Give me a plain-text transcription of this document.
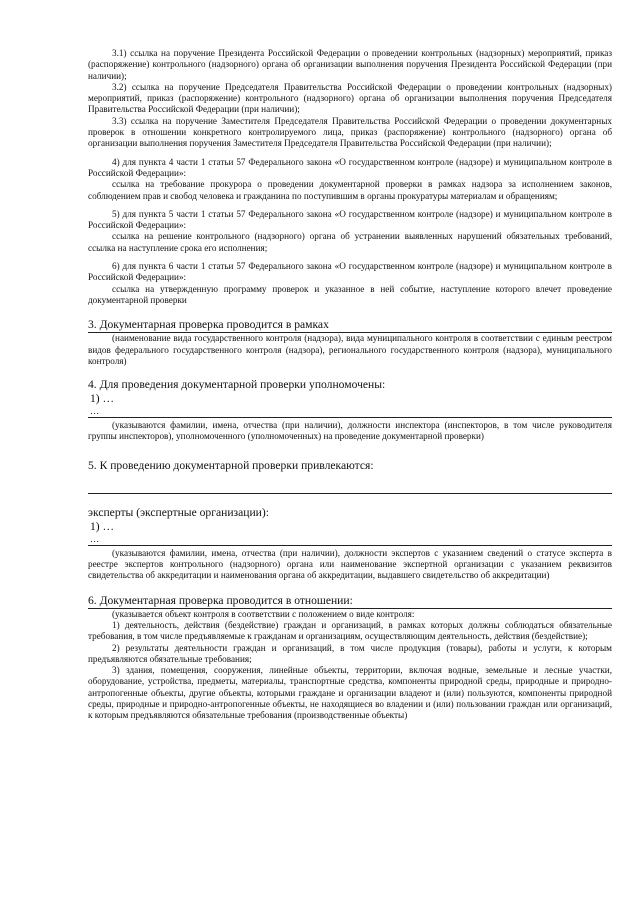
3.1) ссылка на поручение Президента Российской Федерации о проведении контрольных (надзорных) мероприятий, приказ (распоряжение) контрольного (надзорного) органа об организации выполнения поручения Президента Российской Федерации (при наличии);

3.2) ссылка на поручение Председателя Правительства Российской Федерации о проведении контрольных (надзорных) мероприятий, приказ (распоряжение) контрольного (надзорного) органа об организации выполнения поручения Председателя Правительства Российской Федерации (при наличии);

3.3) ссылка на поручение Заместителя Председателя Правительства Российской Федерации о проведении документарных проверок в отношении конкретного контролируемого лица, приказ (распоряжение) контрольного (надзорного) органа об организации выполнения поручения Заместителя Председателя Правительства Российской Федерации (при наличии);

4) для пункта 4 части 1 статьи 57 Федерального закона «О государственном контроле (надзоре) и муниципальном контроле в Российской Федерации»:

ссылка на требование прокурора о проведении документарной проверки в рамках надзора за исполнением законов, соблюдением прав и свобод человека и гражданина по поступившим в органы прокуратуры материалам и обращениям;

5) для пункта 5 части 1 статьи 57 Федерального закона «О государственном контроле (надзоре) и муниципальном контроле в Российской Федерации»:

ссылка на решение контрольного (надзорного) органа об устранении выявленных нарушений обязательных требований, ссылка на наступление срока его исполнения;

6) для пункта 6 части 1 статьи 57 Федерального закона «О государственном контроле (надзоре) и муниципальном контроле в Российской Федерации»:

ссылка на утвержденную программу проверок и указанное в ней событие, наступление которого влечет проведение документарной проверки

3. Документарная проверка проводится в рамках

(наименование вида государственного контроля (надзора), вида муниципального контроля в соответствии с единым реестром видов федерального государственного контроля (надзора), регионального государственного контроля (надзора), муниципального контроля)

4. Для проведения документарной проверки уполномочены:

1) …

…

(указываются фамилии, имена, отчества (при наличии), должности инспектора (инспекторов, в том числе руководителя группы инспекторов), уполномоченного (уполномоченных) на проведение документарной проверки)

5. К проведению документарной проверки привлекаются:

эксперты (экспертные организации):

1) …

…

(указываются фамилии, имена, отчества (при наличии), должности экспертов с указанием сведений о статусе эксперта в реестре экспертов контрольного (надзорного) органа или наименование экспертной организации с указанием реквизитов свидетельства об аккредитации и наименования органа об аккредитации, выдавшего свидетельство об аккредитации)

6. Документарная проверка проводится в отношении:

(указывается объект контроля в соответствии с положением о виде контроля:

1) деятельность, действия (бездействие) граждан и организаций, в рамках которых должны соблюдаться обязательные требования, в том числе предъявляемые к гражданам и организациям, осуществляющим деятельность, действия (бездействие);

2) результаты деятельности граждан и организаций, в том числе продукция (товары), работы и услуги, к которым предъявляются обязательные требования;

3) здания, помещения, сооружения, линейные объекты, территории, включая водные, земельные и лесные участки, оборудование, устройства, предметы, материалы, транспортные средства, компоненты природной среды, природные и природно-антропогенные объекты, другие объекты, которыми граждане и организации владеют и (или) пользуются, компоненты природной среды, природные и природно-антропогенные объекты, не находящиеся во владении и (или) пользовании граждан или организаций, к которым предъявляются обязательные требования (производственные объекты)
